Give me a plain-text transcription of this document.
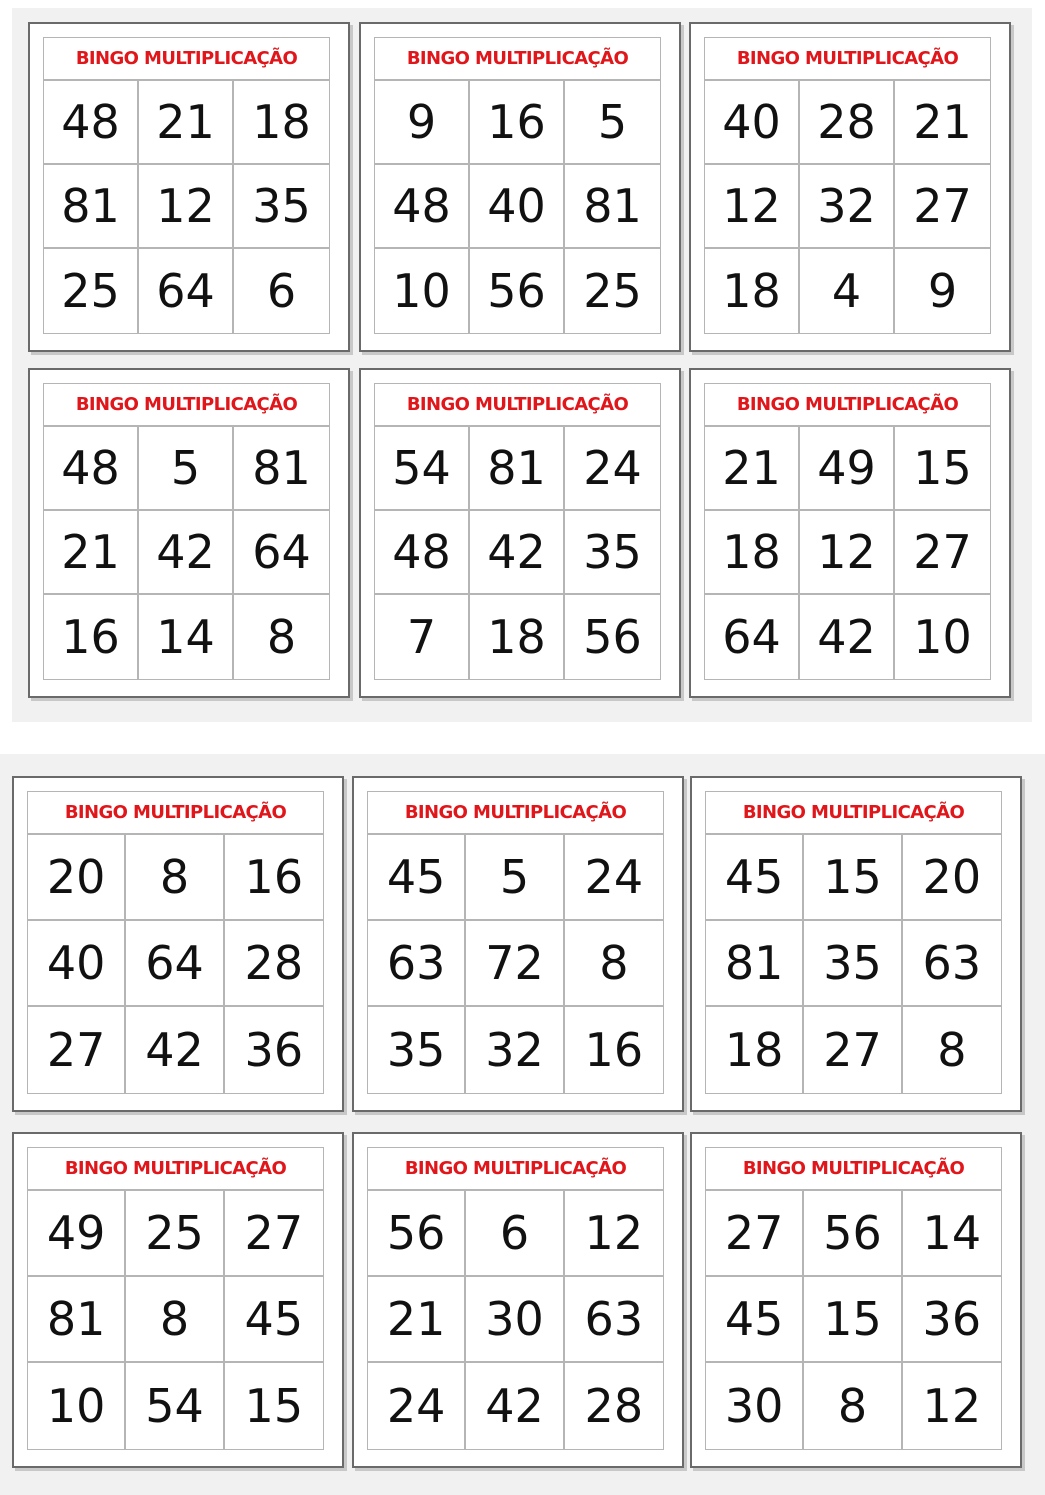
BINGO MULTIPLICAÇÃO
48 21 18
81 12 35
25 64	6
BINGO MULTIPLICAÇÃO
9	16	5
48 40 81
10 56 25
BINGO MULTIPLICAÇÃO
40 28 21
12 32 27
18	4	9
BINGO MULTIPLICAÇÃO
48	5	81
21 42 64
16 14	8
BINGO MULTIPLICAÇÃO
54 81 24
48 42 35
7	18 56
BINGO MULTIPLICAÇÃO
21 49 15
18 12 27
64 42 10
BINGO MULTIPLICAÇÃO
20	8	16
40 64 28
27 42 36
BINGO MULTIPLICAÇÃO
45	5	24
63 72	8
35 32 16
BINGO MULTIPLICAÇÃO
45 15 20
81 35 63
18 27	8
BINGO MULTIPLICAÇÃO
49 25 27
81	8	45
10 54 15
BINGO MULTIPLICAÇÃO
56	6	12
21 30 63
24 42 28
BINGO MULTIPLICAÇÃO
27 56 14
45 15 36
30	8	12
